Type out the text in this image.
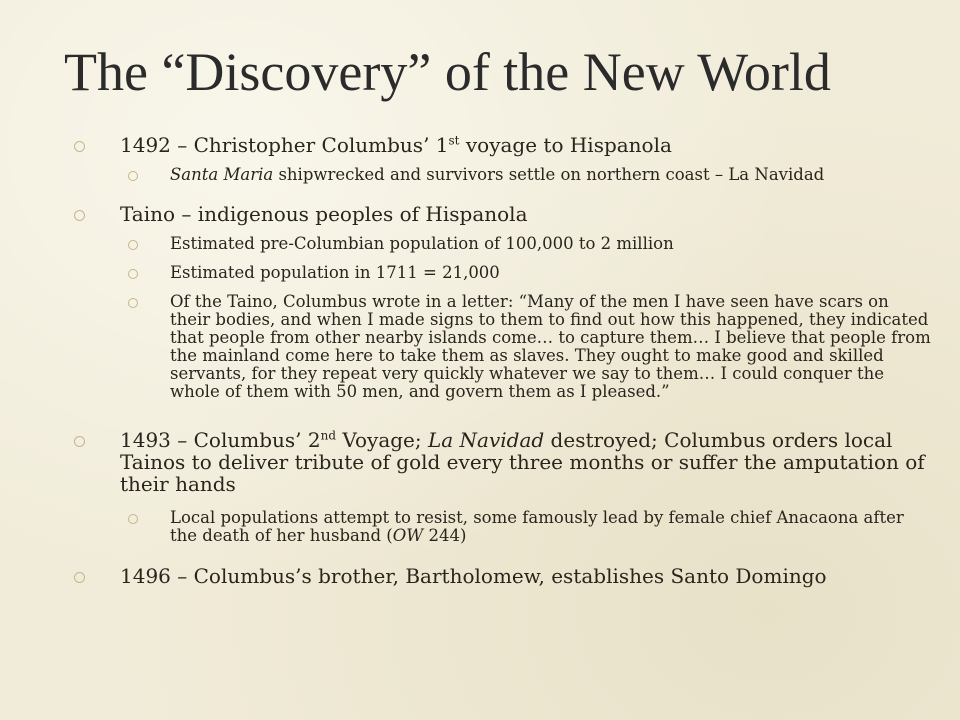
The “Discovery” of the New World

1492 – Christopher Columbus’ 1st voyage to Hispanola

Santa Maria shipwrecked and survivors settle on northern coast – La Navidad

Taino – indigenous peoples of Hispanola

Estimated pre-Columbian population of 100,000 to 2 million

Estimated population in 1711 = 21,000

Of the Taino, Columbus wrote in a letter: “Many of the men I have seen have scars on their bodies, and when I made signs to them to find out how this happened, they indicated that people from other nearby islands come… to capture them… I believe that people from the mainland come here to take them as slaves. They ought to make good and skilled servants, for they repeat very quickly whatever we say to them… I could conquer the whole of them with 50 men, and govern them as I pleased.”

1493 – Columbus’ 2nd Voyage; La Navidad destroyed; Columbus orders local Tainos to deliver tribute of gold every three months or suffer the amputation of their hands

Local populations attempt to resist, some famously lead by female chief Anacaona after the death of her husband (OW 244)

1496 – Columbus’s brother, Bartholomew, establishes Santo Domingo
